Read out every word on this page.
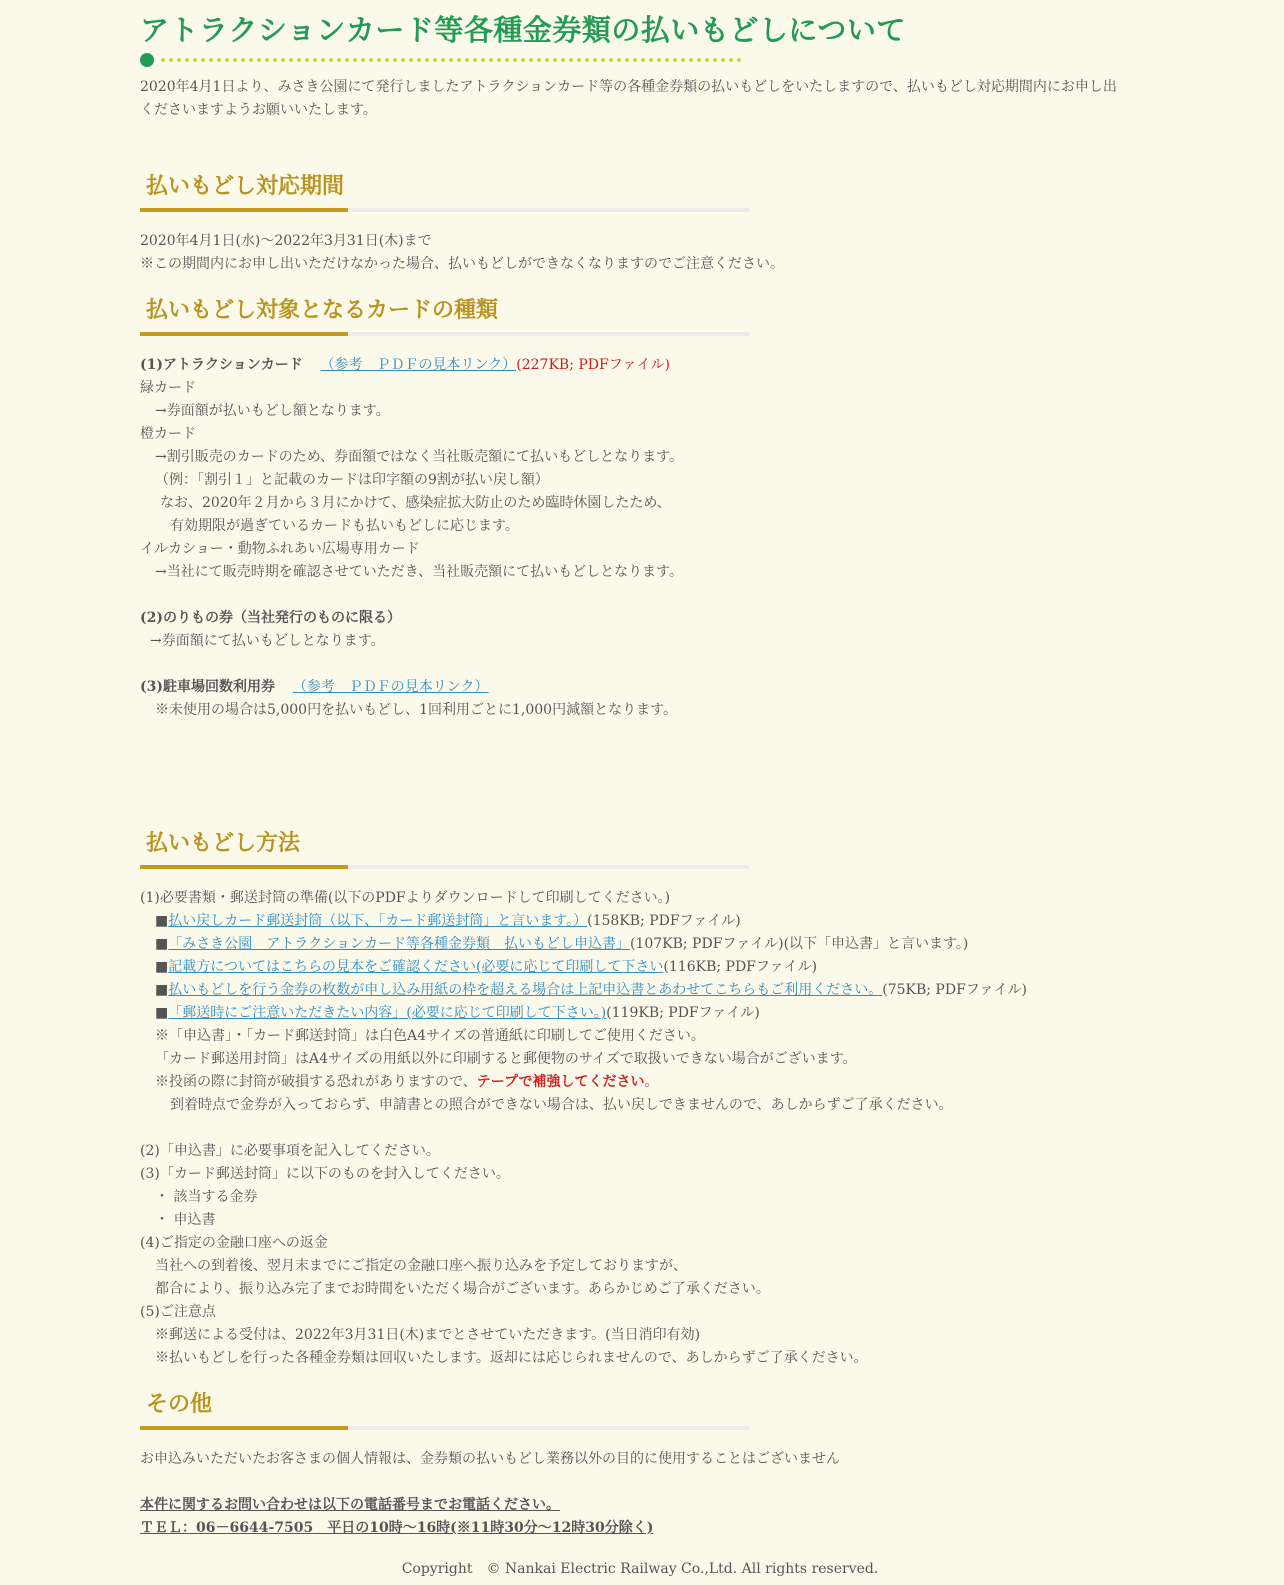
アトラクションカード等各種金券類の払いもどしについて

2020年4月1日より、みさき公園にて発行しましたアトラクションカード等の各種金券類の払いもどしをいたしますので、払いもどし対応期間内にお申し出くださいますようお願いいたします。

払いもどし対応期間

2020年4月1日(水)～2022年3月31日(木)まで

※この期間内にお申し出いただけなかった場合、払いもどしができなくなりますのでご注意ください。

払いもどし対象となるカードの種類

(1)アトラクションカード （参考　ＰＤＦの見本リンク）(227KB; PDFファイル)

緑カード

→券面額が払いもどし額となります。

橙カード

→割引販売のカードのため、券面額ではなく当社販売額にて払いもどしとなります。

（例：「割引１」と記載のカードは印字額の9割が払い戻し額）

なお、2020年２月から３月にかけて、感染症拡大防止のため臨時休園したため、

有効期限が過ぎているカードも払いもどしに応じます。

イルカショー・動物ふれあい広場専用カード

→当社にて販売時期を確認させていただき、当社販売額にて払いもどしとなります。

(2)のりもの券（当社発行のものに限る）

→券面額にて払いもどしとなります。

(3)駐車場回数利用券 （参考　ＰＤＦの見本リンク）

※未使用の場合は5,000円を払いもどし、1回利用ごとに1,000円減額となります。

払いもどし方法

(1)必要書類・郵送封筒の準備(以下のPDFよりダウンロードして印刷してください。)

■払い戻しカード郵送封筒（以下、「カード郵送封筒」と言います。）(158KB; PDFファイル)

■「みさき公園　アトラクションカード等各種金券類　払いもどし申込書」(107KB; PDFファイル)(以下「申込書」と言います。)

■記載方についてはこちらの見本をご確認ください(必要に応じて印刷して下さい(116KB; PDFファイル)

■払いもどしを行う金券の枚数が申し込み用紙の枠を超える場合は上記申込書とあわせてこちらもご利用ください。(75KB; PDFファイル)

■「郵送時にご注意いただきたい内容」(必要に応じて印刷して下さい。)(119KB; PDFファイル)

※「申込書」・「カード郵送封筒」は白色A4サイズの普通紙に印刷してご使用ください。

「カード郵送用封筒」はA4サイズの用紙以外に印刷すると郵便物のサイズで取扱いできない場合がございます。

※投函の際に封筒が破損する恐れがありますので、テープで補強してください。

到着時点で金券が入っておらず、申請書との照合ができない場合は、払い戻しできませんので、あしからずご了承ください。

(2)「申込書」に必要事項を記入してください。

(3)「カード郵送封筒」に以下のものを封入してください。

・ 該当する金券

・ 申込書

(4)ご指定の金融口座への返金

当社への到着後、翌月末までにご指定の金融口座へ振り込みを予定しておりますが、

都合により、振り込み完了までお時間をいただく場合がございます。あらかじめご了承ください。

(5)ご注意点

※郵送による受付は、2022年3月31日(木)までとさせていただきます。(当日消印有効)

※払いもどしを行った各種金券類は回収いたします。返却には応じられませんので、あしからずご了承ください。

その他

お申込みいただいたお客さまの個人情報は、金券類の払いもどし業務以外の目的に使用することはございません

本件に関するお問い合わせは以下の電話番号までお電話ください。

ＴＥＬ：06－6644-7505　平日の10時～16時(※11時30分～12時30分除く)

Copyright　© Nankai Electric Railway Co.,Ltd. All rights reserved.
